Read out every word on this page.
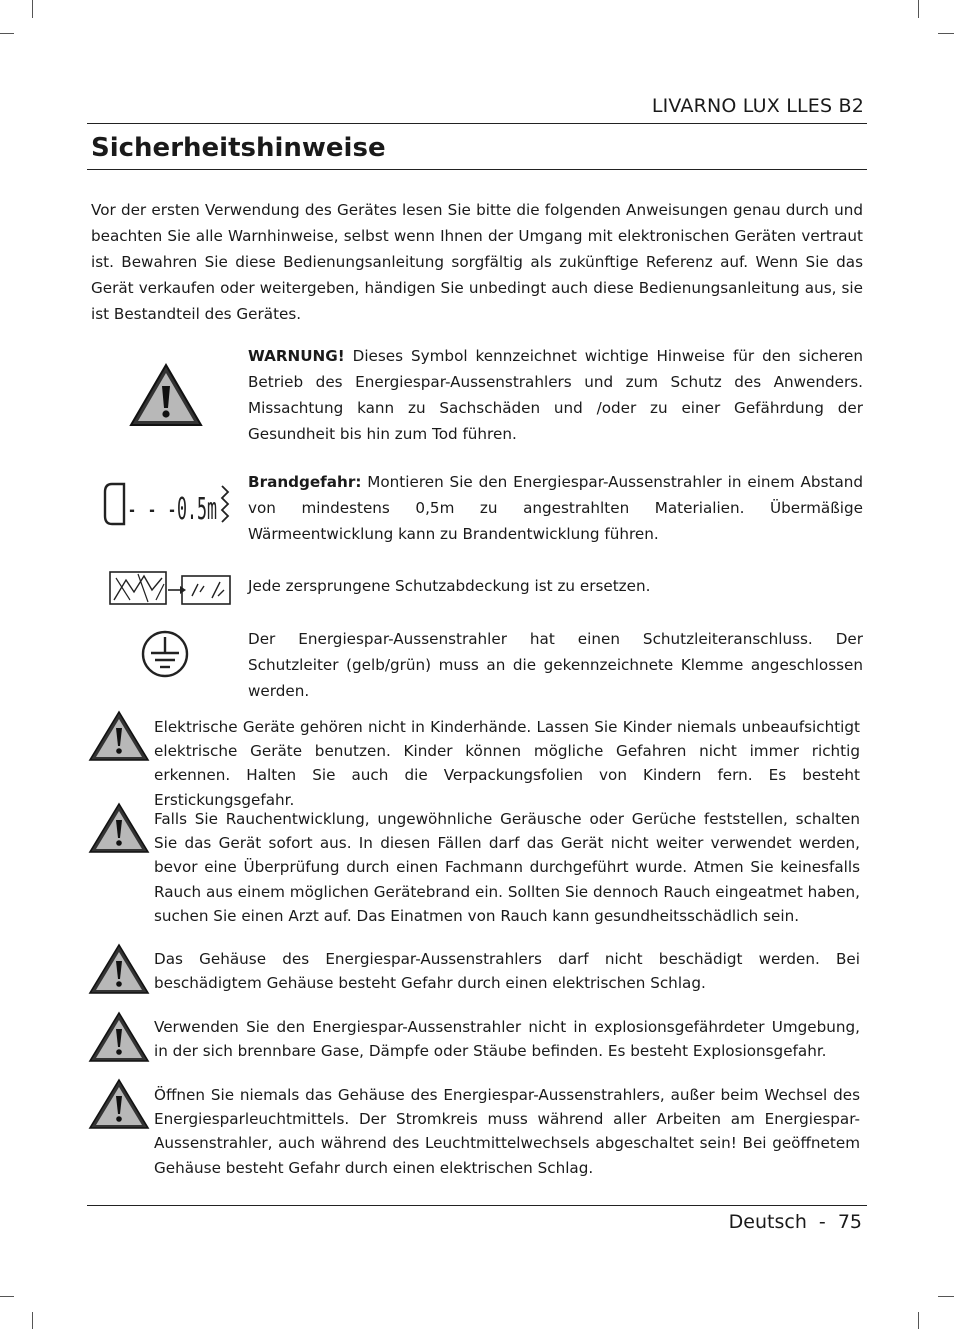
LIVARNO LUX LLES B2
Sicherheitshinweise

Vor der ersten Verwendung des Gerätes lesen Sie bitte die folgenden Anweisungen genau durch und beachten Sie alle Warnhinweise, selbst wenn Ihnen der Umgang mit elektronischen Geräten vertraut ist. Bewahren Sie diese Bedienungsanleitung sorgfältig als zukünftige Referenz auf. Wenn Sie das Gerät verkaufen oder weitergeben, händigen Sie unbedingt auch diese Bedienungsanleitung aus, sie ist Bestandteil des Gerätes.

WARNUNG! Dieses Symbol kennzeichnet wichtige Hinweise für den sicheren Betrieb des Energiespar-Aussenstrahlers und zum Schutz des Anwenders. Missachtung kann zu Sachschäden und /oder zu einer Gefährdung der Gesundheit bis hin zum Tod führen.

- - -0.5m

Brandgefahr: Montieren Sie den Energiespar-Aussenstrahler in einem Abstand von mindestens 0,5m zu angestrahlten Materialien. Übermäßige Wärmeentwicklung kann zu Brandentwicklung führen.

Jede zersprungene Schutzabdeckung ist zu ersetzen.

Der Energiespar-Aussenstrahler hat einen Schutzleiteranschluss. Der Schutzleiter (gelb/grün) muss an die gekennzeichnete Klemme angeschlossen werden.

Elektrische Geräte gehören nicht in Kinderhände. Lassen Sie Kinder niemals unbeaufsichtigt elektrische Geräte benutzen. Kinder können mögliche Gefahren nicht immer richtig erkennen. Halten Sie auch die Verpackungsfolien von Kindern fern. Es besteht Erstickungsgefahr.

Falls Sie Rauchentwicklung, ungewöhnliche Geräusche oder Gerüche feststellen, schalten Sie das Gerät sofort aus. In diesen Fällen darf das Gerät nicht weiter verwendet werden, bevor eine Überprüfung durch einen Fachmann durchgeführt wurde. Atmen Sie keinesfalls Rauch aus einem möglichen Gerätebrand ein. Sollten Sie dennoch Rauch eingeatmet haben, suchen Sie einen Arzt auf. Das Einatmen von Rauch kann gesundheitsschädlich sein.

Das Gehäuse des Energiespar-Aussenstrahlers darf nicht beschädigt werden. Bei beschädigtem Gehäuse besteht Gefahr durch einen elektrischen Schlag.

Verwenden Sie den Energiespar-Aussenstrahler nicht in explosionsgefährdeter Umgebung, in der sich brennbare Gase, Dämpfe oder Stäube befinden. Es besteht Explosionsgefahr.

Öffnen Sie niemals das Gehäuse des Energiespar-Aussenstrahlers, außer beim Wechsel des Energiesparleuchtmittels. Der Stromkreis muss während aller Arbeiten am Energiespar-Aussenstrahler, auch während des Leuchtmittelwechsels abgeschaltet sein! Bei geöffnetem Gehäuse besteht Gefahr durch einen elektrischen Schlag.

Deutsch - 75
